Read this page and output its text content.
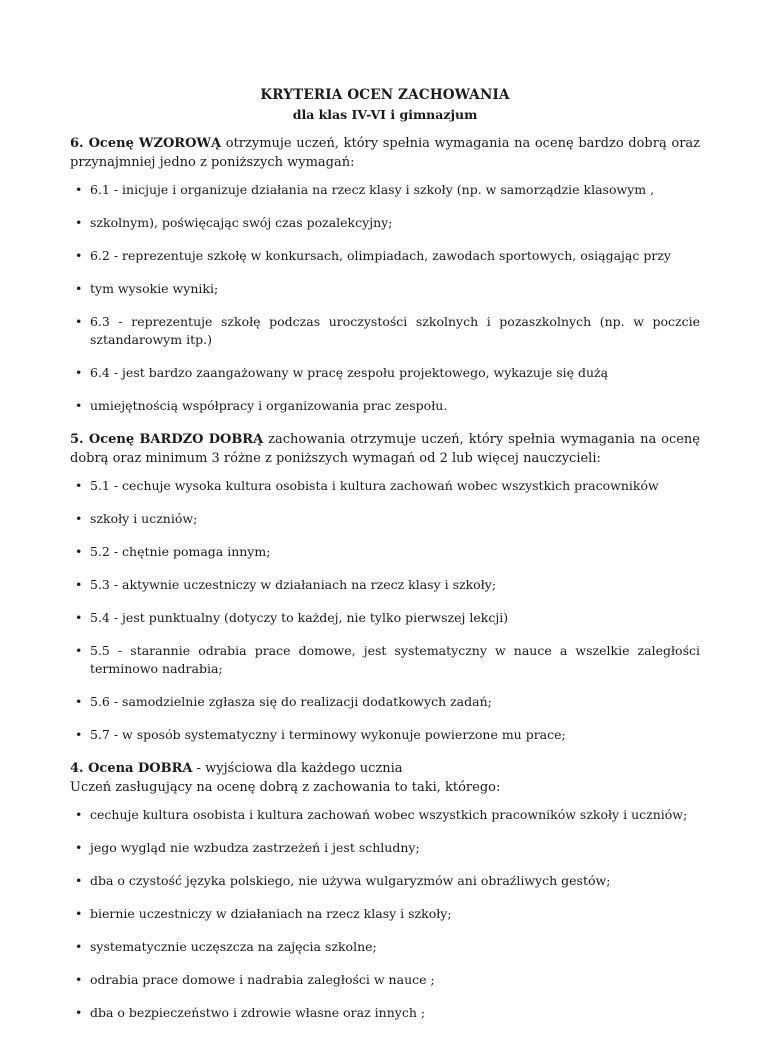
KRYTERIA OCEN ZACHOWANIA
dla klas IV-VI i gimnazjum
6. Ocenę WZOROWĄ otrzymuje uczeń, który spełnia wymagania na ocenę bardzo dobrą oraz przynajmniej jedno z poniższych wymagań:
• 6.1 - inicjuje i organizuje działania na rzecz klasy i szkoły (np. w samorządzie klasowym ,
• szkolnym), poświęcając swój czas pozalekcyjny;
• 6.2 - reprezentuje szkołę w konkursach, olimpiadach, zawodach sportowych, osiągając przy
• tym wysokie wyniki;
• 6.3 - reprezentuje szkołę podczas uroczystości szkolnych i pozaszkolnych (np. w poczcie sztandarowym itp.)
• 6.4 - jest bardzo zaangażowany w pracę zespołu projektowego, wykazuje się dużą
• umiejętnością współpracy i organizowania prac zespołu.
5. Ocenę BARDZO DOBRĄ zachowania otrzymuje uczeń, który spełnia wymagania na ocenę dobrą oraz minimum 3 różne z poniższych wymagań od 2 lub więcej nauczycieli:
• 5.1 - cechuje wysoka kultura osobista i kultura zachowań wobec wszystkich pracowników
• szkoły i uczniów;
• 5.2 - chętnie pomaga innym;
• 5.3 - aktywnie uczestniczy w działaniach na rzecz klasy i szkoły;
• 5.4 - jest punktualny (dotyczy to każdej, nie tylko pierwszej lekcji)
• 5.5 - starannie odrabia prace domowe, jest systematyczny w nauce a wszelkie zaległości terminowo nadrabia;
• 5.6 - samodzielnie zgłasza się do realizacji dodatkowych zadań;
• 5.7 - w sposób systematyczny i terminowy wykonuje powierzone mu prace;
4. Ocena DOBRA - wyjściowa dla każdego ucznia
Uczeń zasługujący na ocenę dobrą z zachowania to taki, którego:
• cechuje kultura osobista i kultura zachowań wobec wszystkich pracowników szkoły i uczniów;
• jego wygląd nie wzbudza zastrzeżeń i jest schludny;
• dba o czystość języka polskiego, nie używa wulgaryzmów ani obraźliwych gestów;
• biernie uczestniczy w działaniach na rzecz klasy i szkoły;
• systematycznie uczęszcza na zajęcia szkolne;
• odrabia prace domowe i nadrabia zaległości w nauce ;
• dba o bezpieczeństwo i zdrowie własne oraz innych ;
